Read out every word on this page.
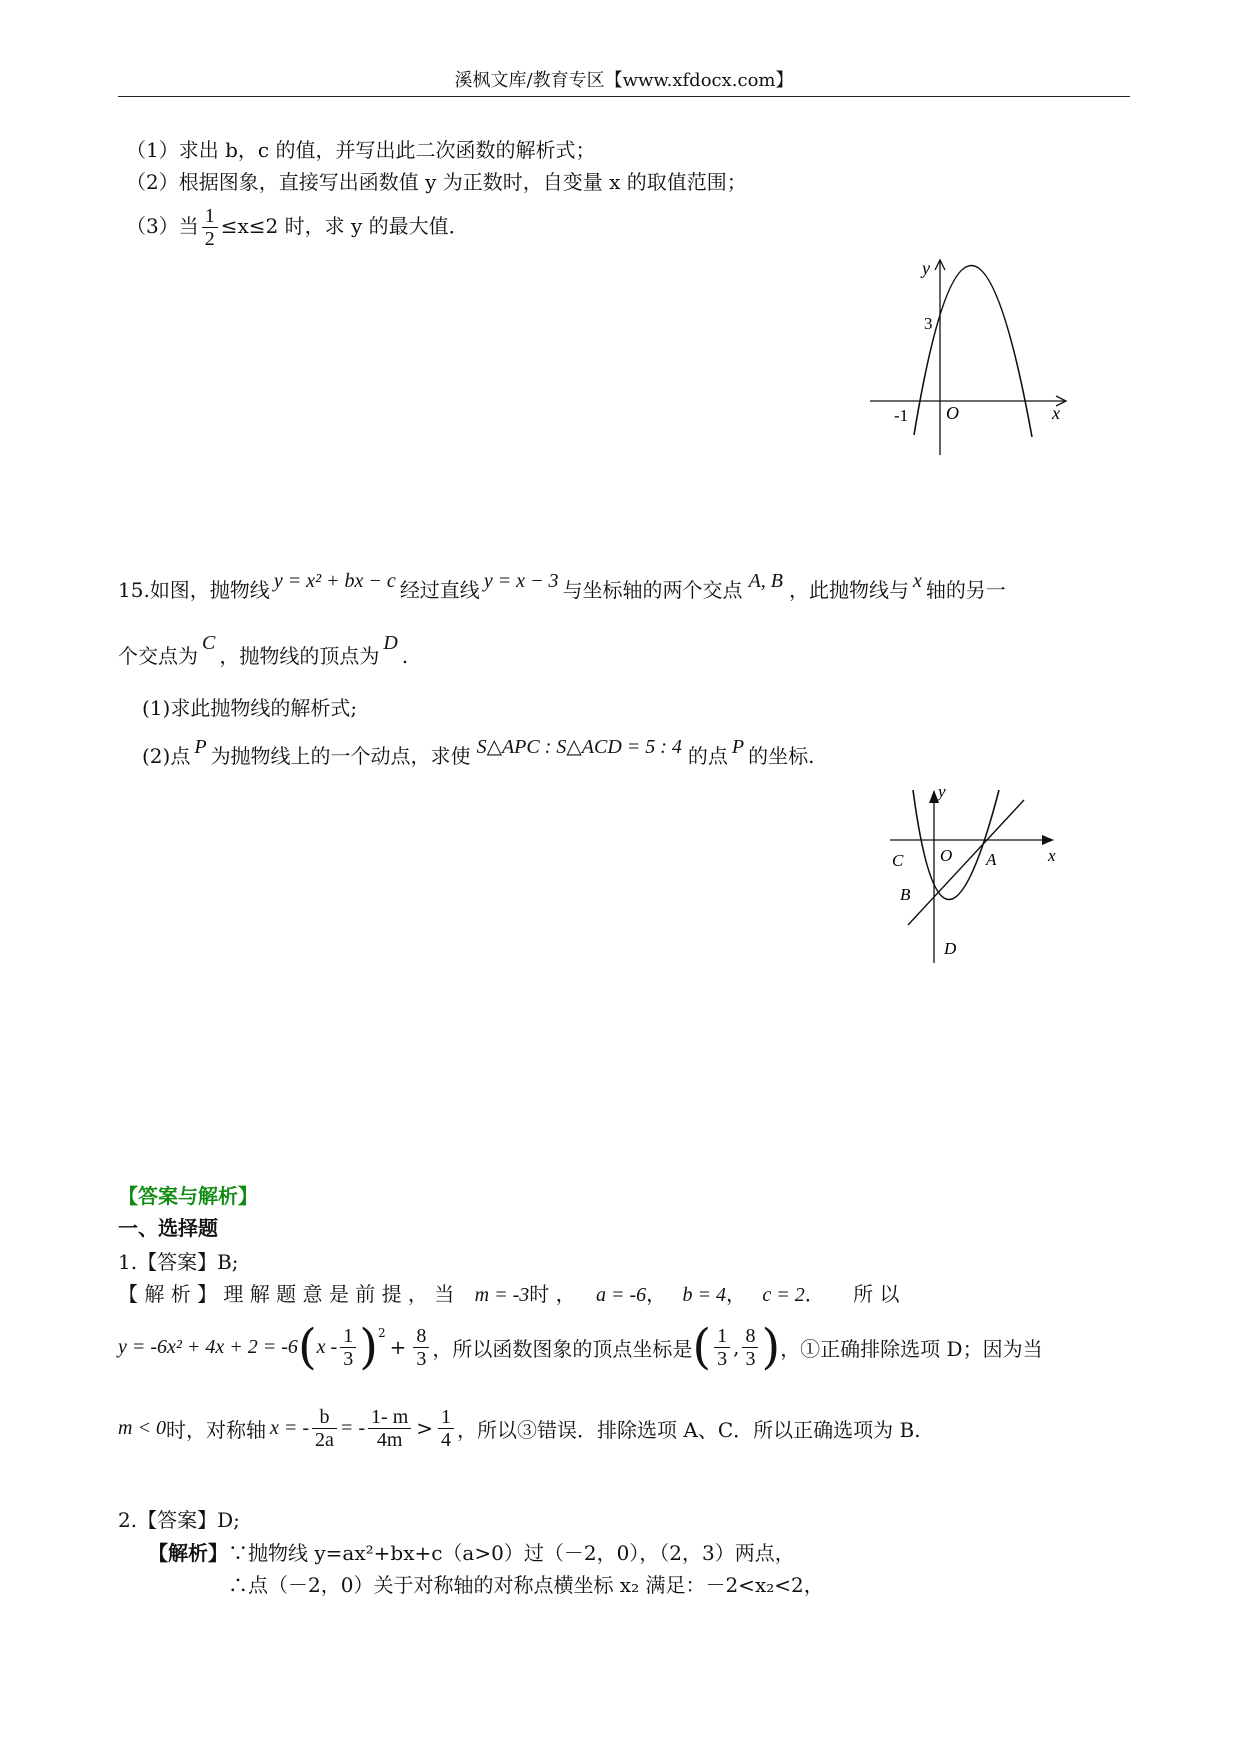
溪枫文库/教育专区【www.xfdocx.com】
（1）求出 b，c 的值，并写出此二次函数的解析式；
（2）根据图象，直接写出函数值 y 为正数时，自变量 x 的取值范围；
（3）当 $\frac{1}{2} \le x\le 2$ 时，求 y 的最大值．
y
x
O
-1
3
15.如图，抛物线 y = x² + bx − c 经过直线 y = x − 3 与坐标轴的两个交点 A, B ，此抛物线与 x 轴的另一
个交点为C，抛物线的顶点为D.
(1)求此抛物线的解析式;
(2)点 P 为抛物线上的一个动点，求使 S△APC : S△ACD = 5 : 4 的点 P 的坐标.
y
x
O A
B
C
D
【答案与解析】
一、选择题
1.【答案】B;
【 解 析 】 理 解 题 意 是 前 提 ， 当 m = -3时 ， a = -6， b = 4， c = 2． 所 以
y = -6x² + 4x + 2 = -6 ( x - $\frac{1}{3} )^2$
+ $\frac{8}{3}$ ，所以函数图象的顶点坐标是 ( $\frac{1}{3}$ , $\frac{8}{3}$ ) ，①正确排除选项 D；因为当
m < 0 时，对称轴 x = - $\frac{b}{2a}$ = - $\frac{1- m}{4m} > \frac{1}{4}$ ，所以③错误．排除选项 A、C．所以正确选项为 B.
2.【答案】D;
【解析】∵抛物线 y=ax²+bx+c（a>0）过（－2，0），（2，3）两点，
∴点（－2，0）关于对称轴的对称点横坐标 x₂ 满足：－2<x₂<2，
